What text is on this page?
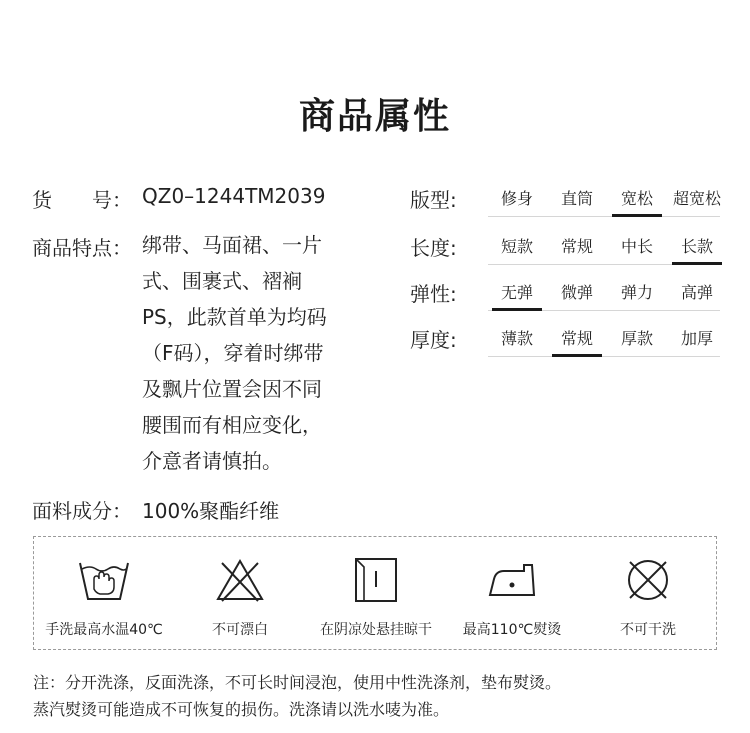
商品属性
货　　号： QZ0–1244TM2039
商品特点： 绑带、马面裙、一片
式、围裹式、褶裥
PS，此款首单为均码
（F码），穿着时绑带
及飘片位置会因不同
腰围而有相应变化，
介意者请慎拍。
面料成分： 100%聚酯纤维
版型:	修身	直筒	宽松	超宽松
长度:	短款	常规	中长	长款
弹性:	无弹	微弹	弹力	高弹
厚度:	薄款	常规	厚款	加厚
手洗最高水温40℃	不可漂白	在阴凉处悬挂晾干	最高110℃熨烫	不可干洗
注：分开洗涤，反面洗涤，不可长时间浸泡，使用中性洗涤剂，垫布熨烫。
蒸汽熨烫可能造成不可恢复的损伤。洗涤请以洗水唛为准。
